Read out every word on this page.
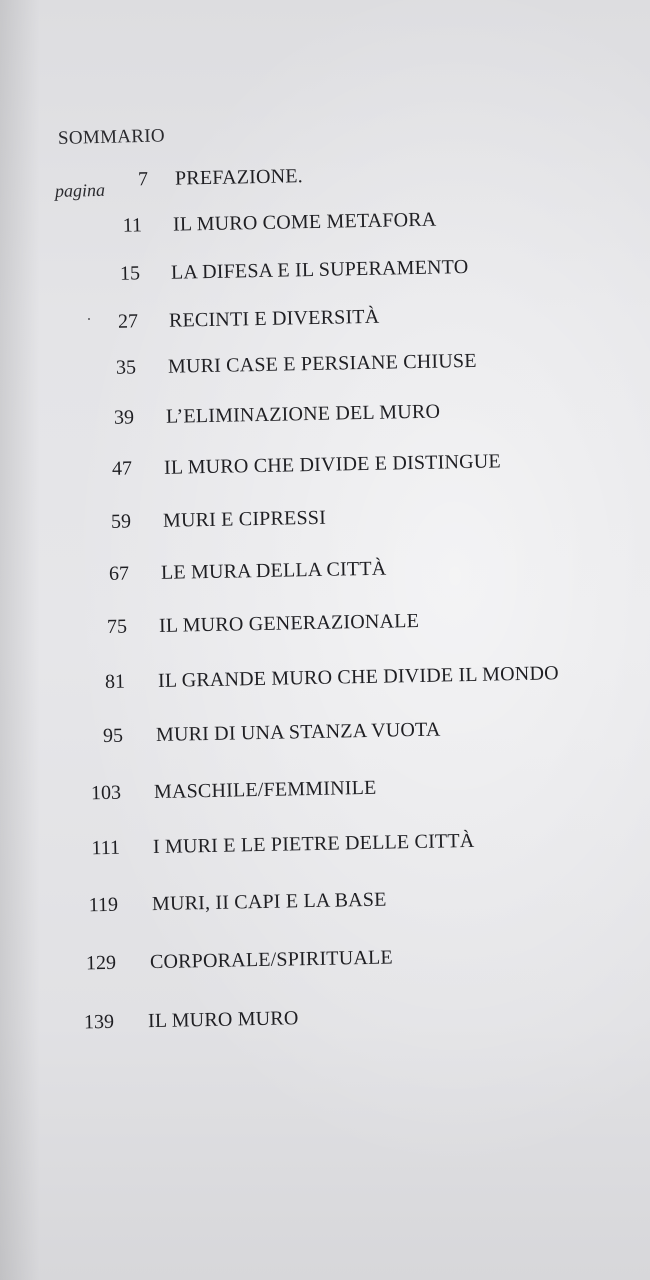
SOMMARIO
pagina
7 PREFAZIONE.
11 IL MURO COME METAFORA
15 LA DIFESA E IL SUPERAMENTO
27 RECINTI E DIVERSITÀ
35 MURI CASE E PERSIANE CHIUSE
39 L’ELIMINAZIONE DEL MURO
47 IL MURO CHE DIVIDE E DISTINGUE
59 MURI E CIPRESSI
67 LE MURA DELLA CITTÀ
75 IL MURO GENERAZIONALE
81 IL GRANDE MURO CHE DIVIDE IL MONDO
95 MURI DI UNA STANZA VUOTA
103 MASCHILE/FEMMINILE
111 I MURI E LE PIETRE DELLE CITTÀ
119 MURI, II CAPI E LA BASE
129 CORPORALE/SPIRITUALE
139 IL MURO MURO
